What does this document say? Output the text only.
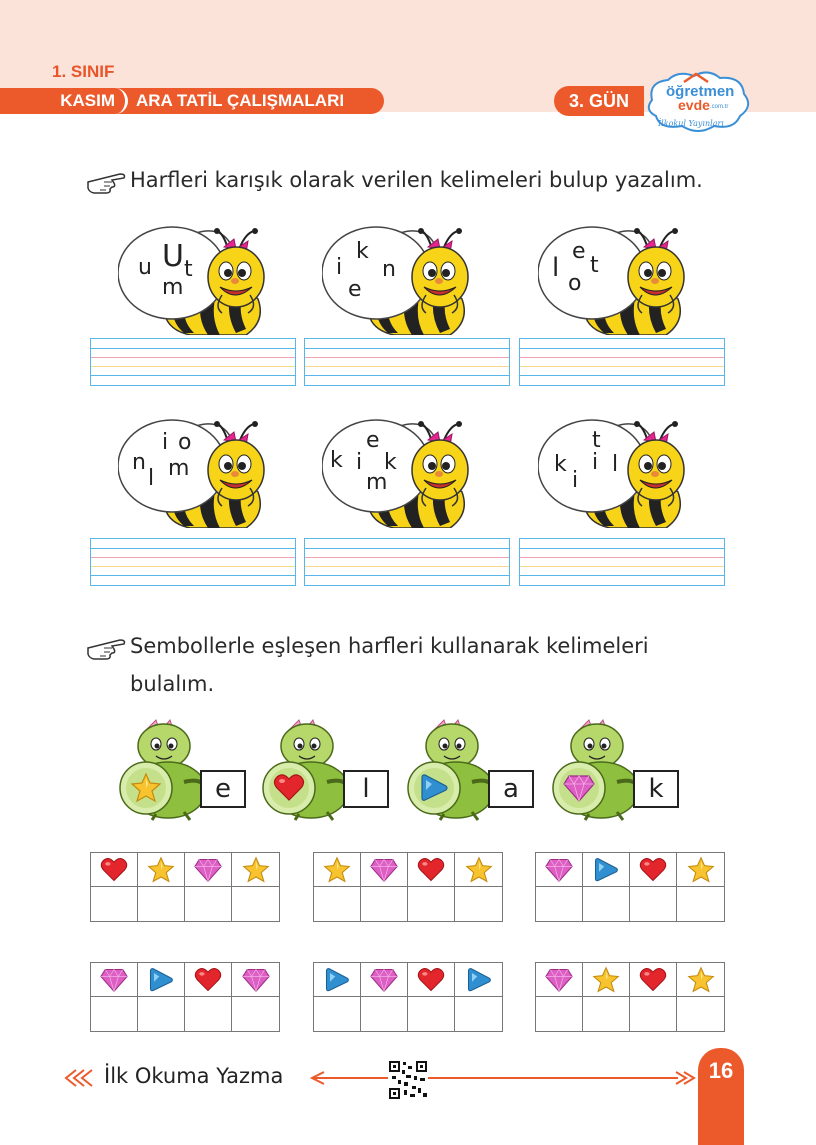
1. SINIF
KASIM	ARA TATİL ÇALIŞMALARI	3. GÜN	öğretmen
evde .com.tr
İlkokul Yayınları
Harfleri karışık olarak verilen kelimeleri bulup yazalım.
U
u t
m
k
i n
e
e
l t
o
i o
n m
l
e
k i k
m
t
i
k l
i
Sembollerle eşleşen harfleri kullanarak kelimeleri
bulalım.
e	l	a	k
İlk Okuma Yazma	16
